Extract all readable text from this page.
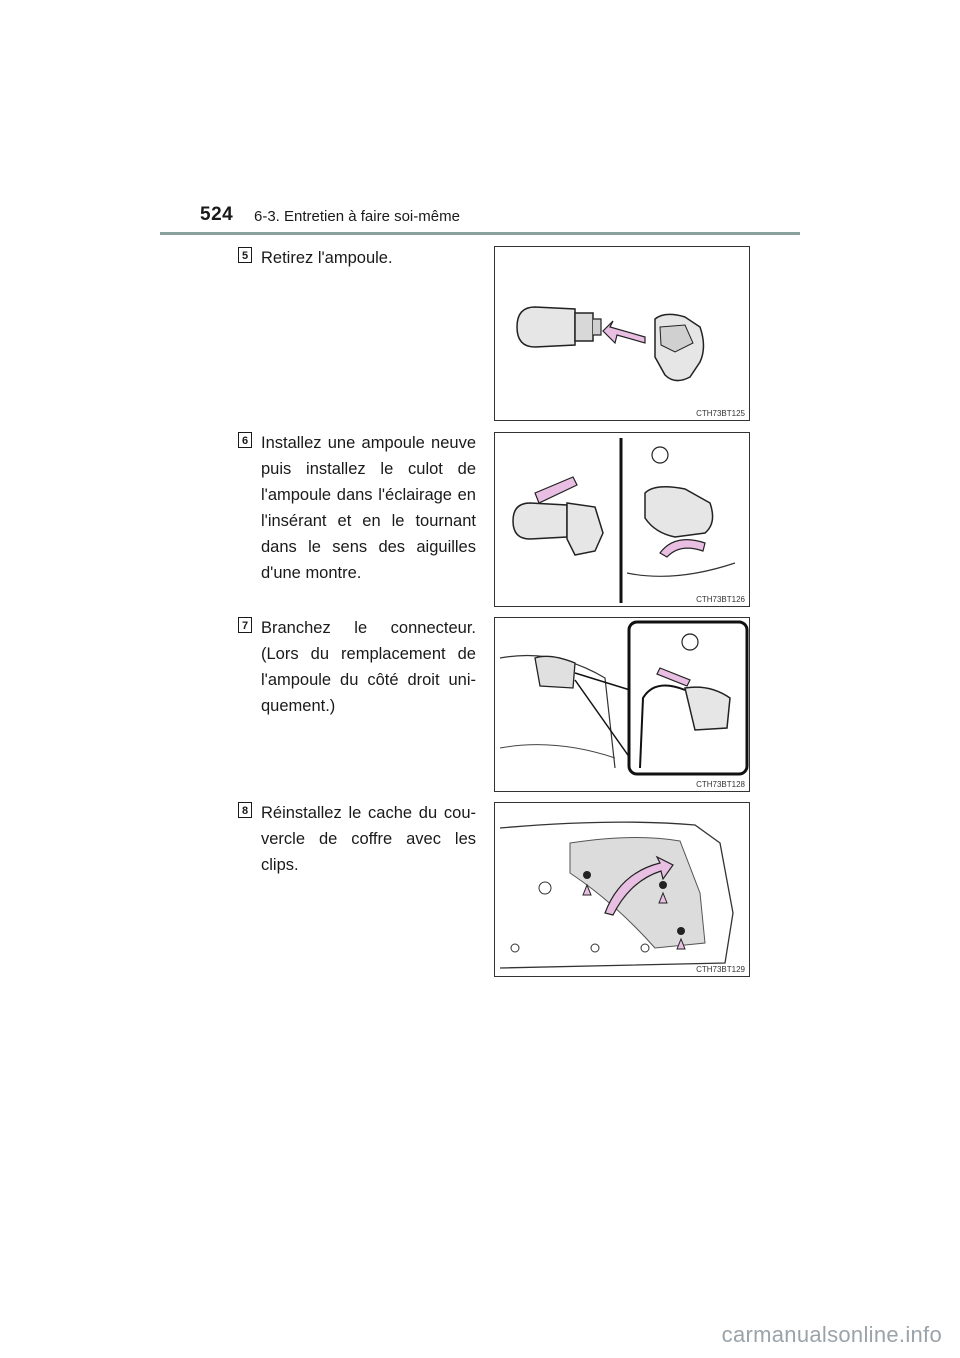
524 6-3. Entretien à faire soi-même
5 Retirez l'ampoule.
CTH73BT125
6 Installez une ampoule neuve puis installez le culot de l'ampoule dans l'éclairage en l'insérant et en le tournant dans le sens des aiguilles d'une montre.
CTH73BT126
7 Branchez le connecteur. (Lors du remplacement de l'ampoule du côté droit uni-quement.)
CTH73BT128
8 Réinstallez le cache du cou-vercle de coffre avec les clips.
CTH73BT129
carmanualsonline.info
